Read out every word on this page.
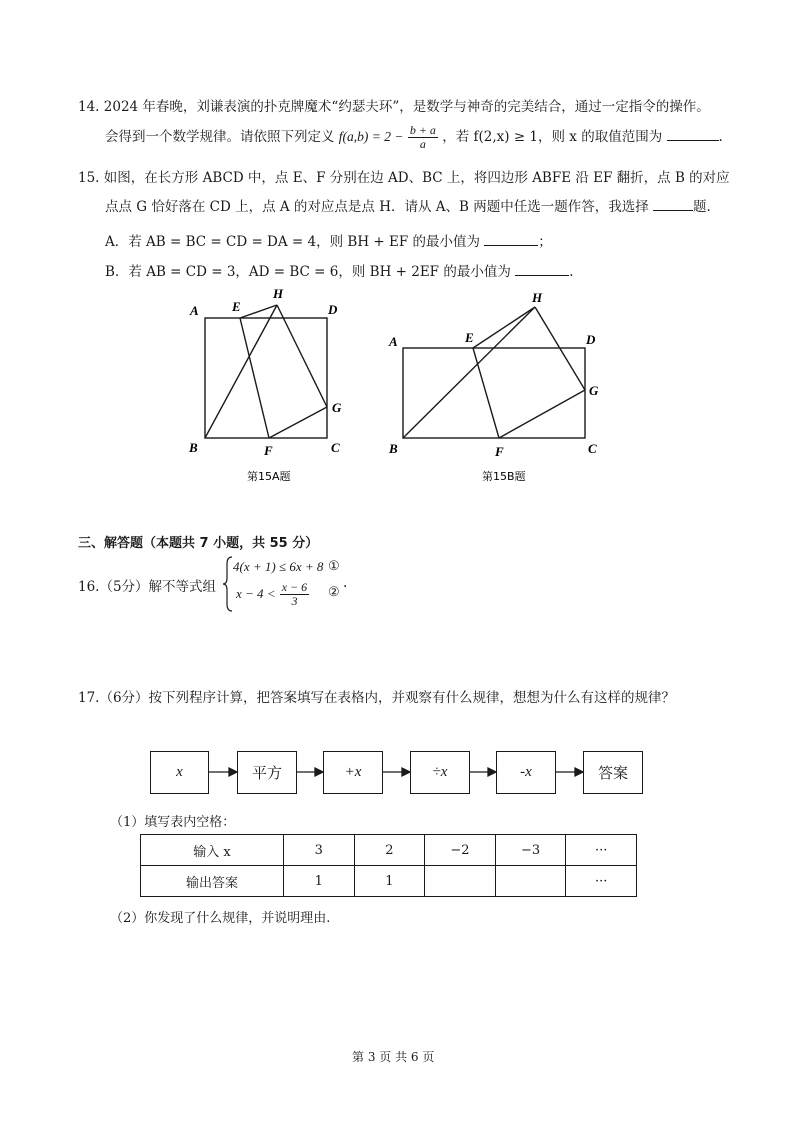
14. 2024 年春晚，刘谦表演的扑克牌魔术“约瑟夫环”，是数学与神奇的完美结合，通过一定指令的操作。
会得到一个数学规律。请依照下列定义 $f(a,b) = 2 - \frac{b + a}{a}$ ，若 f(2,x) ≥ 1，则 x 的取值范围为	.
15. 如图，在长方形 ABCD 中，点 E、F 分别在边 AD、BC 上，将四边形 ABFE 沿 EF 翻折，点 B 的对应
点点 G 恰好落在 CD 上，点 A 的对应点是点 H．请从 A、B 两题中任选一题作答，我选择	题.
A．若 AB = BC = CD = DA = 4，则 BH + EF 的最小值为	；
B．若 AB = CD = 3，AD = BC = 6，则 BH + 2EF 的最小值为	.
A
B	C
D
E
F
G
H
第15A题
A
B	C
D
E
F
G
H
第15B题
三、解答题（本题共 7 小题，共 55 分）
16.（5分）解不等式组
4(x + 1) ≤ 6x + 8 ①
$x - 4 < \frac{x - 6}{3}$ ②
.
17.（6分）按下列程序计算，把答案填写在表格内，并观察有什么规律，想想为什么有这样的规律？
x	平方	+x	÷x	-x	答案
（1）填写表内空格：
输入 x	3	2	−2	−3	···
输出答案	1	1			···
（2）你发现了什么规律，并说明理由.
第 3 页 共 6 页
